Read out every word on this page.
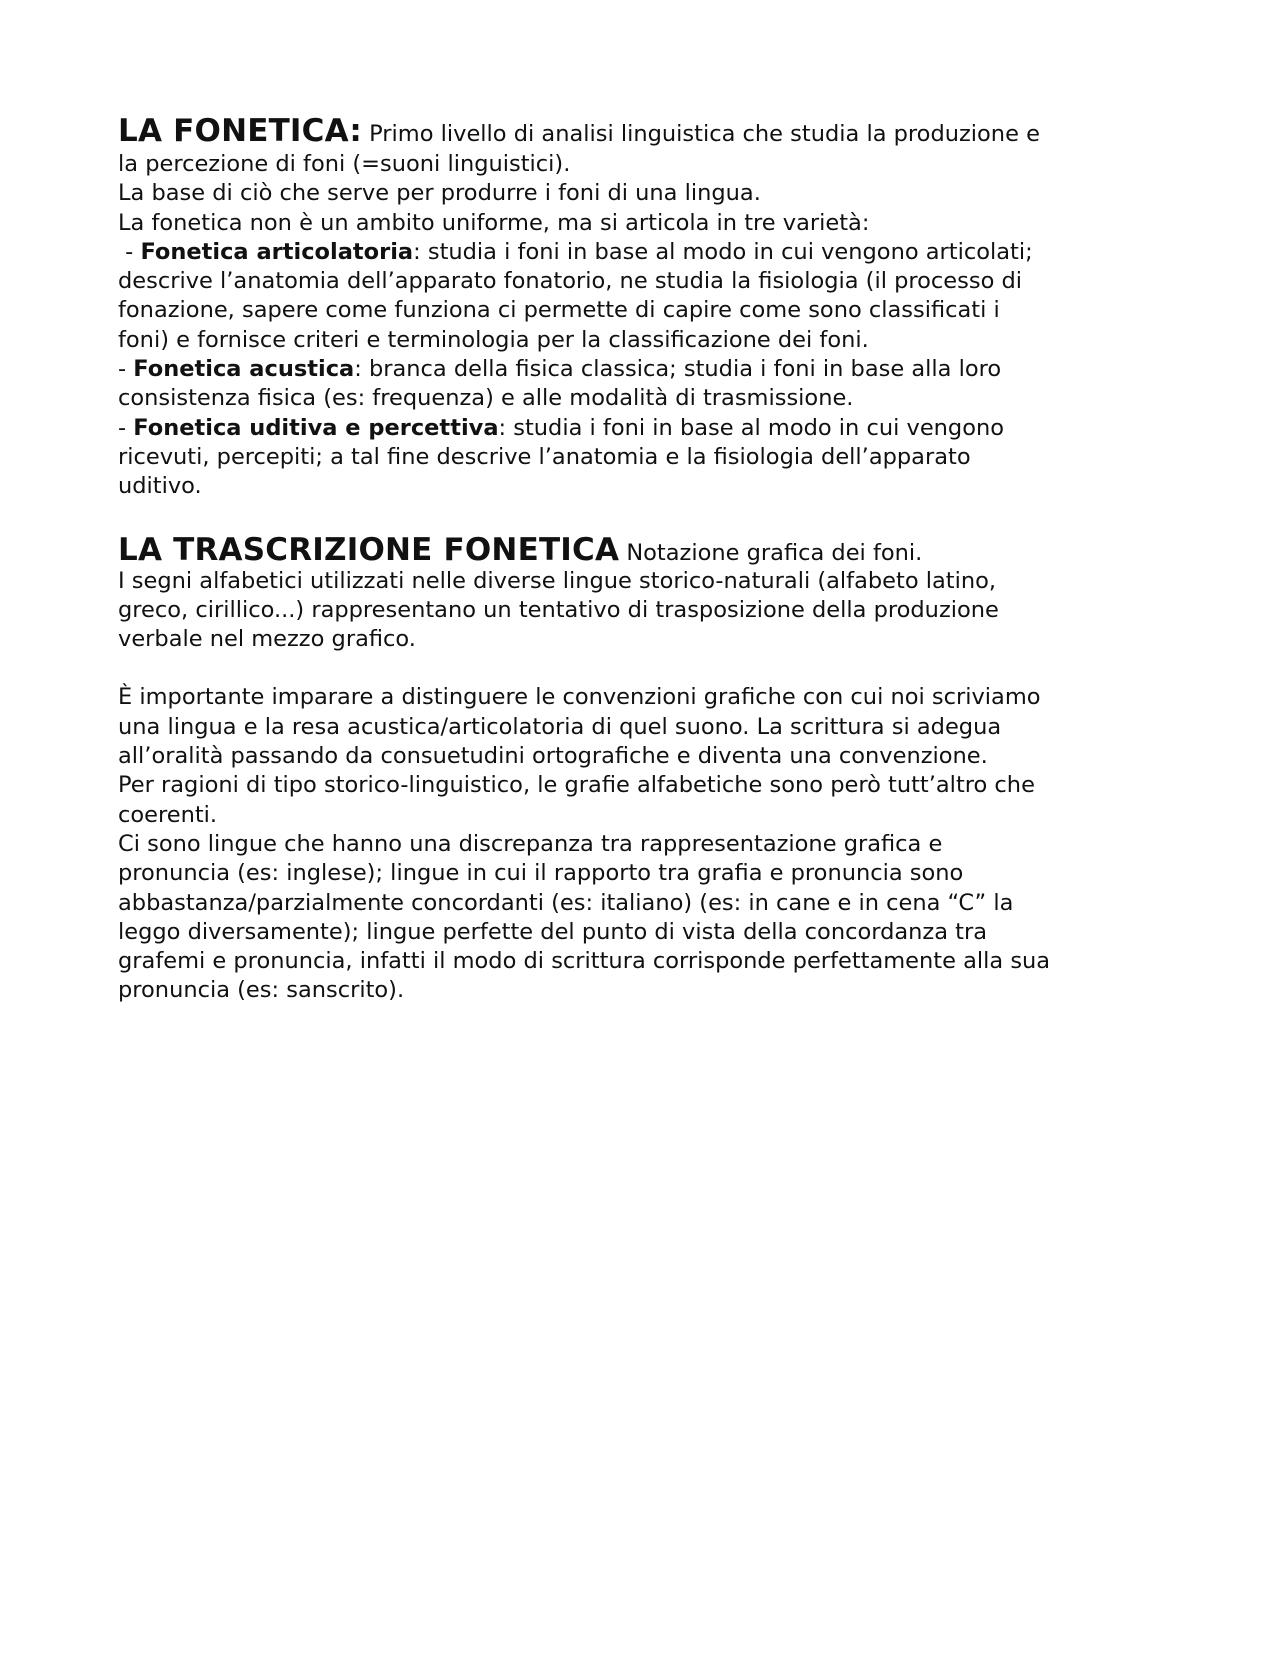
LA FONETICA: Primo livello di analisi linguistica che studia la produzione e
la percezione di foni (=suoni linguistici).
La base di ciò che serve per produrre i foni di una lingua.
La fonetica non è un ambito uniforme, ma si articola in tre varietà:
- Fonetica articolatoria: studia i foni in base al modo in cui vengono articolati;
descrive l’anatomia dell’apparato fonatorio, ne studia la fisiologia (il processo di
fonazione, sapere come funziona ci permette di capire come sono classificati i
foni) e fornisce criteri e terminologia per la classificazione dei foni.
- Fonetica acustica: branca della fisica classica; studia i foni in base alla loro
consistenza fisica (es: frequenza) e alle modalità di trasmissione.
- Fonetica uditiva e percettiva: studia i foni in base al modo in cui vengono
ricevuti, percepiti; a tal fine descrive l’anatomia e la fisiologia dell’apparato
uditivo.
LA TRASCRIZIONE FONETICA Notazione grafica dei foni.
I segni alfabetici utilizzati nelle diverse lingue storico-naturali (alfabeto latino,
greco, cirillico...) rappresentano un tentativo di trasposizione della produzione
verbale nel mezzo grafico.
È importante imparare a distinguere le convenzioni grafiche con cui noi scriviamo
una lingua e la resa acustica/articolatoria di quel suono. La scrittura si adegua
all’oralità passando da consuetudini ortografiche e diventa una convenzione.
Per ragioni di tipo storico-linguistico, le grafie alfabetiche sono però tutt’altro che
coerenti.
Ci sono lingue che hanno una discrepanza tra rappresentazione grafica e
pronuncia (es: inglese); lingue in cui il rapporto tra grafia e pronuncia sono
abbastanza/parzialmente concordanti (es: italiano) (es: in cane e in cena “C” la
leggo diversamente); lingue perfette del punto di vista della concordanza tra
grafemi e pronuncia, infatti il modo di scrittura corrisponde perfettamente alla sua
pronuncia (es: sanscrito).
